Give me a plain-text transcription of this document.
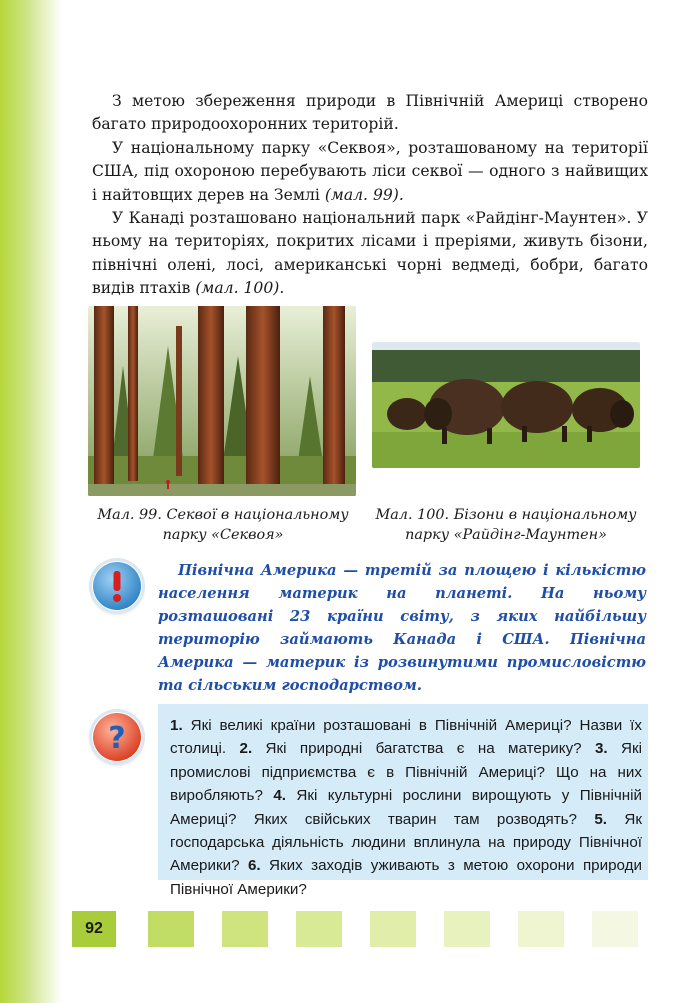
З метою збереження природи в Північній Америці створено багато природоохоронних територій.

У національному парку «Секвоя», розташованому на території США, під охороною перебувають ліси секвої — одного з найвищих і найтовщих дерев на Землі (мал. 99).

У Канаді розташовано національний парк «Райдінг-Маунтен». У ньому на територіях, покритих лісами і преріями, живуть бізони, північні олені, лосі, американські чорні ведмеді, бобри, багато видів птахів (мал. 100).

Мал. 99. Секвої в національному парку «Секвоя»
Мал. 100. Бізони в національному парку «Райдінг-Маунтен»

Північна Америка — третій за площею і кількістю населення материк на планеті. На ньому розташовані 23 країни світу, з яких найбільшу територію займають Канада і США. Північна Америка — материк із розвинутими промисловістю та сільським господарством.

?	1. Які великі країни розташовані в Північній Америці? Назви їх столиці. 2. Які природні багатства є на материку? 3. Які промислові підприємства є в Північній Америці? Що на них виробляють? 4. Які культурні рослини вирощують у Північній Америці? Яких свійських тварин там розводять? 5. Як господарська діяльність людини вплинула на природу Північної Америки? 6. Яких заходів уживають з метою охорони природи Північної Америки?

92
